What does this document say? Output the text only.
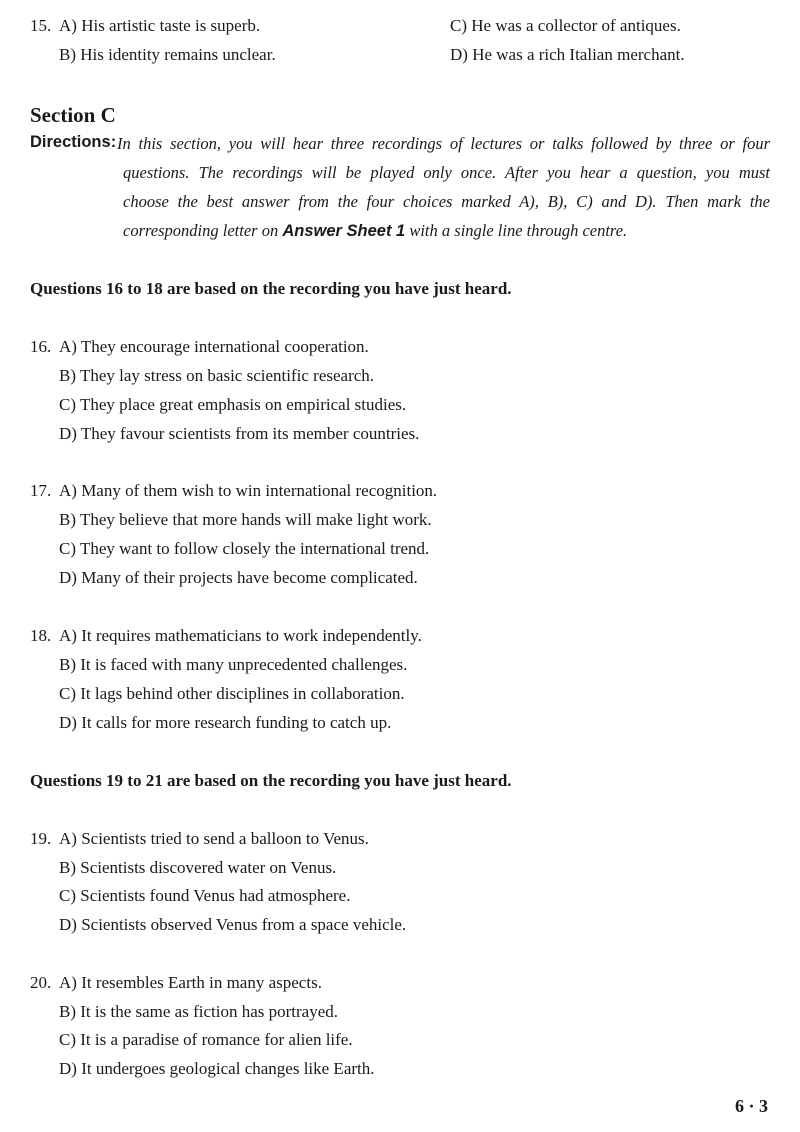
15. A) His artistic taste is superb.
B) His identity remains unclear.
C) He was a collector of antiques.
D) He was a rich Italian merchant.
Section C
Directions: In this section, you will hear three recordings of lectures or talks followed by three or four
questions. The recordings will be played only once. After you hear a question, you must
choose the best answer from the four choices marked A), B), C) and D). Then mark the
corresponding letter on Answer Sheet 1 with a single line through centre.
Questions 16 to 18 are based on the recording you have just heard.
16. A) They encourage international cooperation.
B) They lay stress on basic scientific research.
C) They place great emphasis on empirical studies.
D) They favour scientists from its member countries.
17. A) Many of them wish to win international recognition.
B) They believe that more hands will make light work.
C) They want to follow closely the international trend.
D) Many of their projects have become complicated.
18. A) It requires mathematicians to work independently.
B) It is faced with many unprecedented challenges.
C) It lags behind other disciplines in collaboration.
D) It calls for more research funding to catch up.
Questions 19 to 21 are based on the recording you have just heard.
19. A) Scientists tried to send a balloon to Venus.
B) Scientists discovered water on Venus.
C) Scientists found Venus had atmosphere.
D) Scientists observed Venus from a space vehicle.
20. A) It resembles Earth in many aspects.
B) It is the same as fiction has portrayed.
C) It is a paradise of romance for alien life.
D) It undergoes geological changes like Earth.
6 · 3
